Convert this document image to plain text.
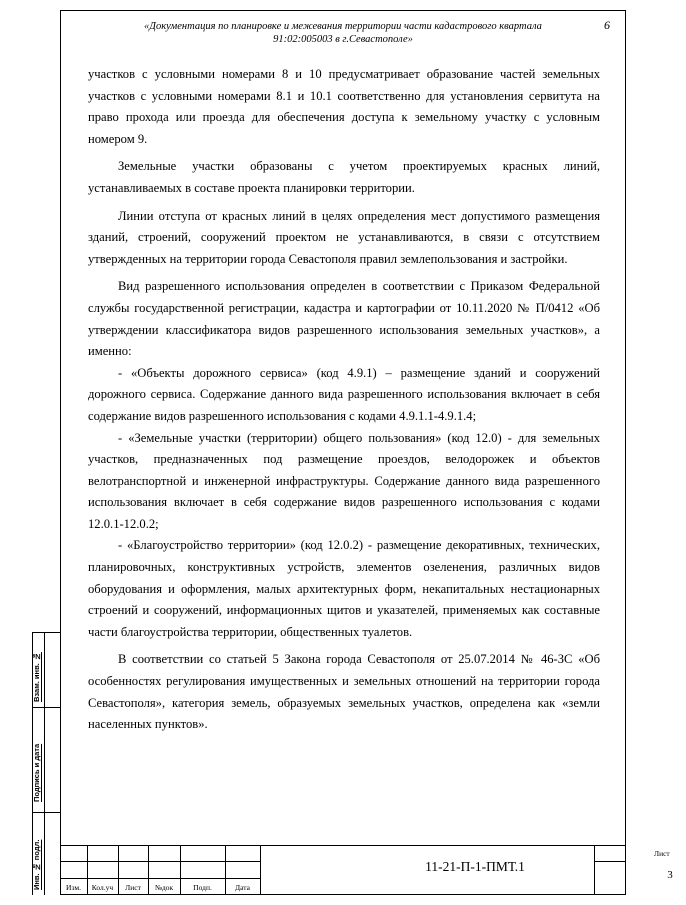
«Документация по планировке и межевания территории части кадастрового квартала
91:02:005003 в г.Севастополе»
6

участков с условными номерами 8 и 10 предусматривает образование частей земельных участков с условными номерами 8.1 и 10.1 соответственно для установления сервитута на право прохода или проезда для обеспечения доступа к земельному участку с условным номером 9.

Земельные участки образованы с учетом проектируемых красных линий, устанавливаемых в составе проекта планировки территории.

Линии отступа от красных линий в целях определения мест допустимого размещения зданий, строений, сооружений проектом не устанавливаются, в связи с отсутствием утвержденных на территории города Севастополя правил землепользования и застройки.

Вид разрешенного использования определен в соответствии с Приказом Федеральной службы государственной регистрации, кадастра и картографии от 10.11.2020 № П/0412 «Об утверждении классификатора видов разрешенного использования земельных участков», а именно:

- «Объекты дорожного сервиса» (код 4.9.1) – размещение зданий и сооружений дорожного сервиса. Содержание данного вида разрешенного использования включает в себя содержание видов разрешенного использования с кодами 4.9.1.1-4.9.1.4;

- «Земельные участки (территории) общего пользования» (код 12.0) - для земельных участков, предназначенных под размещение проездов, велодорожек и объектов велотранспортной и инженерной инфраструктуры. Содержание данного вида разрешенного использования включает в себя содержание видов разрешенного использования с кодами 12.0.1-12.0.2;

- «Благоустройство территории» (код 12.0.2) - размещение декоративных, технических, планировочных, конструктивных устройств, элементов озеленения, различных видов оборудования и оформления, малых архитектурных форм, некапитальных нестационарных строений и сооружений, информационных щитов и указателей, применяемых как составные части благоустройства территории, общественных туалетов.

В соответствии со статьей 5 Закона города Севастополя от 25.07.2014 № 46-ЗС «Об особенностях регулирования имущественных и земельных отношений на территории города Севастополя», категория земель, образуемых земельных участков, определена как «земли населенных пунктов».

Взам. инв. №
Подпись и дата
Инв. № подл.	Изм.	Кол.уч	Лист	№док	Подп.	Дата
11-21-П-1-ПМТ.1
Лист
3
